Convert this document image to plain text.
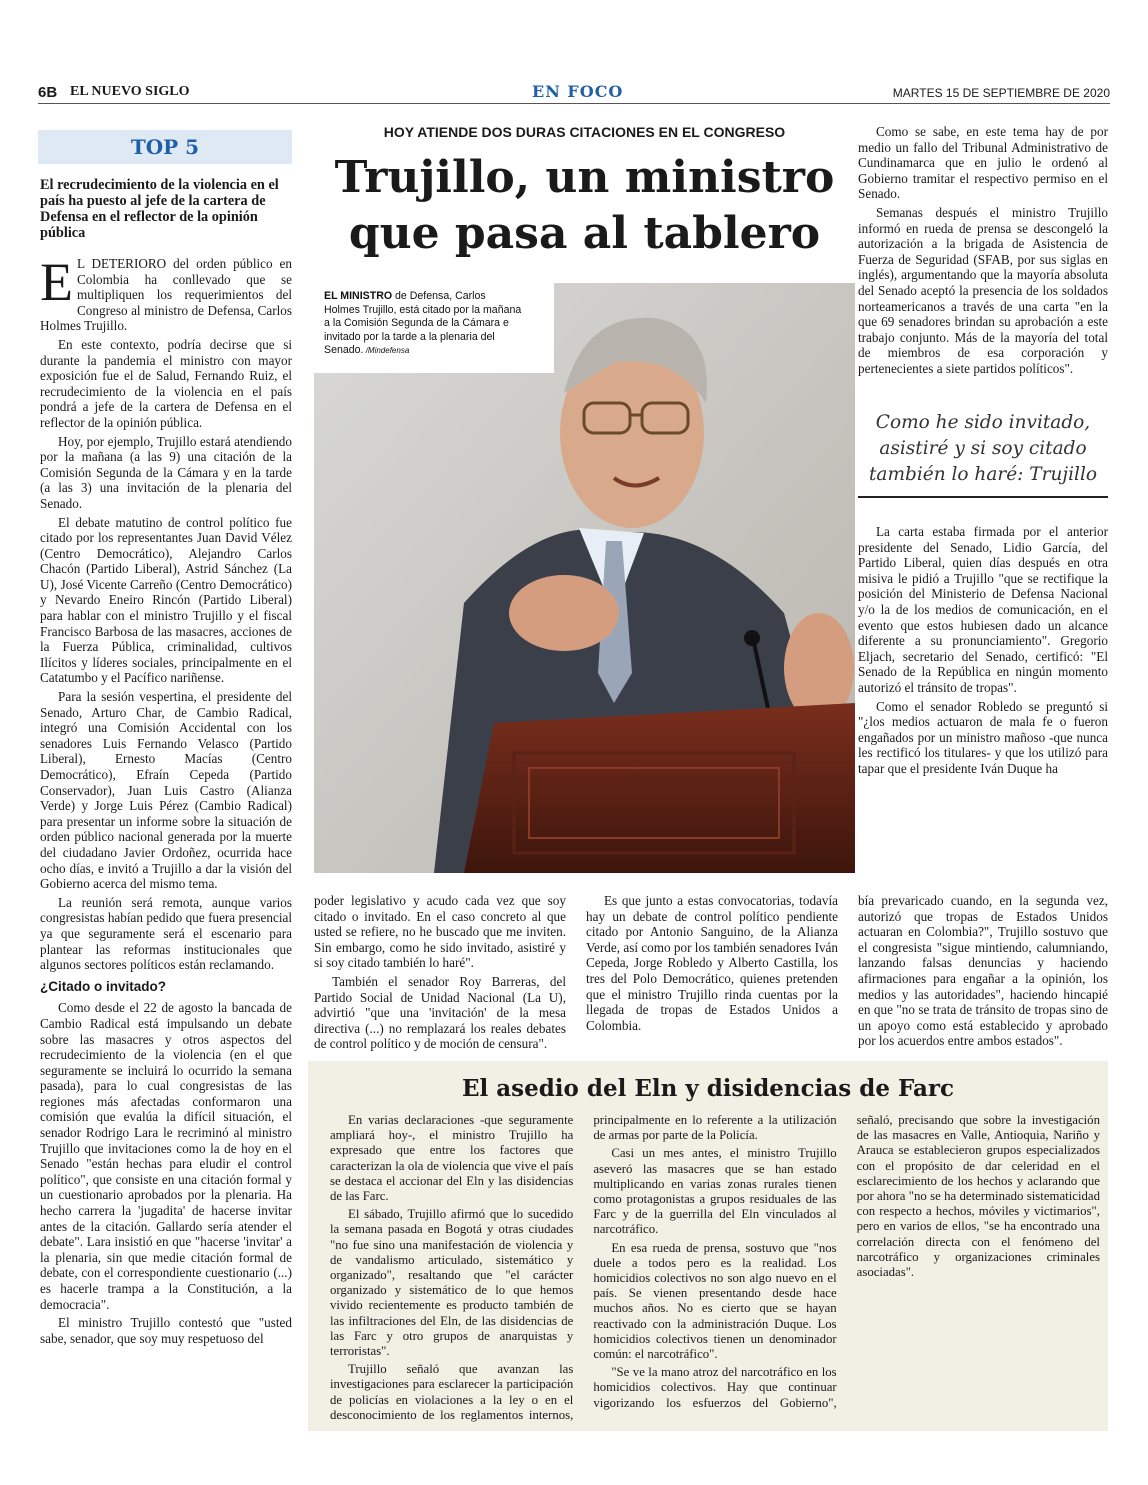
6B EL NUEVO SIGLO	EN FOCO	MARTES 15 DE SEPTIEMBRE DE 2020
TOP 5
El recrudecimiento de la violencia en el país ha puesto al jefe de la cartera de Defensa en el reflector de la opinión pública

E L DETERIORO del orden público en Colombia ha conllevado que se multipliquen los requerimientos del Congreso al ministro de Defensa, Carlos Holmes Trujillo.

En este contexto, podría decirse que si durante la pandemia el ministro con mayor exposición fue el de Salud, Fernando Ruiz, el recrudecimiento de la violencia en el país pondrá a jefe de la cartera de Defensa en el reflector de la opinión pública.

Hoy, por ejemplo, Trujillo estará atendiendo por la mañana (a las 9) una citación de la Comisión Segunda de la Cámara y en la tarde (a las 3) una invitación de la plenaria del Senado.

El debate matutino de control político fue citado por los representantes Juan David Vélez (Centro Democrático), Alejandro Carlos Chacón (Partido Liberal), Astrid Sánchez (La U), José Vicente Carreño (Centro Democrático) y Nevardo Eneiro Rincón (Partido Liberal) para hablar con el ministro Trujillo y el fiscal Francisco Barbosa de las masacres, acciones de la Fuerza Pública, criminalidad, cultivos Ilícitos y líderes sociales, principalmente en el Catatumbo y el Pacífico nariñense.

Para la sesión vespertina, el presidente del Senado, Arturo Char, de Cambio Radical, integró una Comisión Accidental con los senadores Luis Fernando Velasco (Partido Liberal), Ernesto Macías (Centro Democrático), Efraín Cepeda (Partido Conservador), Juan Luis Castro (Alianza Verde) y Jorge Luis Pérez (Cambio Radical) para presentar un informe sobre la situación de orden público nacional generada por la muerte del ciudadano Javier Ordoñez, ocurrida hace ocho días, e invitó a Trujillo a dar la visión del Gobierno acerca del mismo tema.

La reunión será remota, aunque varios congresistas habían pedido que fuera presencial ya que seguramente será el escenario para plantear las reformas institucionales que algunos sectores políticos están reclamando.

¿Citado o invitado?

Como desde el 22 de agosto la bancada de Cambio Radical está impulsando un debate sobre las masacres y otros aspectos del recrudecimiento de la violencia (en el que seguramente se incluirá lo ocurrido la semana pasada), para lo cual congresistas de las regiones más afectadas conformaron una comisión que evalúa la difícil situación, el senador Rodrigo Lara le recriminó al ministro Trujillo que invitaciones como la de hoy en el Senado "están hechas para eludir el control político", que consiste en una citación formal y un cuestionario aprobados por la plenaria. Ha hecho carrera la 'jugadita' de hacerse invitar antes de la citación. Gallardo sería atender el debate". Lara insistió en que "hacerse 'invitar' a la plenaria, sin que medie citación formal de debate, con el correspondiente cuestionario (...) es hacerle trampa a la Constitución, a la democracia".

El ministro Trujillo contestó que "usted sabe, senador, que soy muy respetuoso del

HOY ATIENDE DOS DURAS CITACIONES EN EL CONGRESO
Trujillo, un ministro
que pasa al tablero
EL MINISTRO de Defensa, Carlos Holmes Trujillo, está citado por la mañana a la Comisión Segunda de la Cámara e invitado por la tarde a la plenaria del Senado. /Mindefensa

poder legislativo y acudo cada vez que soy citado o invitado. En el caso concreto al que usted se refiere, no he buscado que me inviten. Sin embargo, como he sido invitado, asistiré y si soy citado también lo haré".

También el senador Roy Barreras, del Partido Social de Unidad Nacional (La U), advirtió "que una 'invitación' de la mesa directiva (...) no remplazará los reales debates de control político y de moción de censura".

Es que junto a estas convocatorias, todavía hay un debate de control político pendiente citado por Antonio Sanguino, de la Alianza Verde, así como por los también senadores Iván Cepeda, Jorge Robledo y Alberto Castilla, los tres del Polo Democrático, quienes pretenden que el ministro Trujillo rinda cuentas por la llegada de tropas de Estados Unidos a Colombia.

Como se sabe, en este tema hay de por medio un fallo del Tribunal Administrativo de Cundinamarca que en julio le ordenó al Gobierno tramitar el respectivo permiso en el Senado.

Semanas después el ministro Trujillo informó en rueda de prensa se descongeló la autorización a la brigada de Asistencia de Fuerza de Seguridad (SFAB, por sus siglas en inglés), argumentando que la mayoría absoluta del Senado aceptó la presencia de los soldados norteamericanos a través de una carta "en la que 69 senadores brindan su aprobación a este trabajo conjunto. Más de la mayoría del total de miembros de esa corporación y pertenecientes a siete partidos políticos".

Como he sido invitado, asistiré y si soy citado también lo haré: Trujillo

La carta estaba firmada por el anterior presidente del Senado, Lidio García, del Partido Liberal, quien días después en otra misiva le pidió a Trujillo "que se rectifique la posición del Ministerio de Defensa Nacional y/o la de los medios de comunicación, en el evento que estos hubiesen dado un alcance diferente a su pronunciamiento". Gregorio Eljach, secretario del Senado, certificó: "El Senado de la República en ningún momento autorizó el tránsito de tropas".

Como el senador Robledo se preguntó si "¿los medios actuaron de mala fe o fueron engañados por un ministro mañoso -que nunca les rectificó los titulares- y que los utilizó para tapar que el presidente Iván Duque ha

bía prevaricado cuando, en la segunda vez, autorizó que tropas de Estados Unidos actuaran en Colombia?", Trujillo sostuvo que el congresista "sigue mintiendo, calumniando, lanzando falsas denuncias y haciendo afirmaciones para engañar a la opinión, los medios y las autoridades", haciendo hincapié en que "no se trata de tránsito de tropas sino de un apoyo como está establecido y aprobado por los acuerdos entre ambos estados".

El asedio del Eln y disidencias de Farc

En varias declaraciones -que seguramente ampliará hoy-, el ministro Trujillo ha expresado que entre los factores que caracterizan la ola de violencia que vive el país se destaca el accionar del Eln y las disidencias de las Farc.

El sábado, Trujillo afirmó que lo sucedido la semana pasada en Bogotá y otras ciudades "no fue sino una manifestación de violencia y de vandalismo articulado, sistemático y organizado", resaltando que "el carácter organizado y sistemático de lo que hemos vivido recientemente es producto también de las infiltraciones del Eln, de las disidencias de las Farc y otro grupos de anarquistas y terroristas".

Trujillo señaló que avanzan las investigaciones para esclarecer la participación de policías en violaciones a la ley o en el desconocimiento de los reglamentos internos, principalmente en lo referente a la utilización de armas por parte de la Policía.

Casi un mes antes, el ministro Trujillo aseveró las masacres que se han estado multiplicando en varias zonas rurales tienen como protagonistas a grupos residuales de las Farc y de la guerrilla del Eln vinculados al narcotráfico.

En esa rueda de prensa, sostuvo que "nos duele a todos pero es la realidad. Los homicidios colectivos no son algo nuevo en el país. Se vienen presentando desde hace muchos años. No es cierto que se hayan reactivado con la administración Duque. Los homicidios colectivos tienen un denominador común: el narcotráfico".

"Se ve la mano atroz del narcotráfico en los homicidios colectivos. Hay que continuar vigorizando los esfuerzos del Gobierno", señaló, precisando que sobre la investigación de las masacres en Valle, Antioquia, Nariño y Arauca se establecieron grupos especializados con el propósito de dar celeridad en el esclarecimiento de los hechos y aclarando que por ahora "no se ha determinado sistematicidad con respecto a hechos, móviles y victimarios", pero en varios de ellos, "se ha encontrado una correlación directa con el fenómeno del narcotráfico y organizaciones criminales asociadas".
